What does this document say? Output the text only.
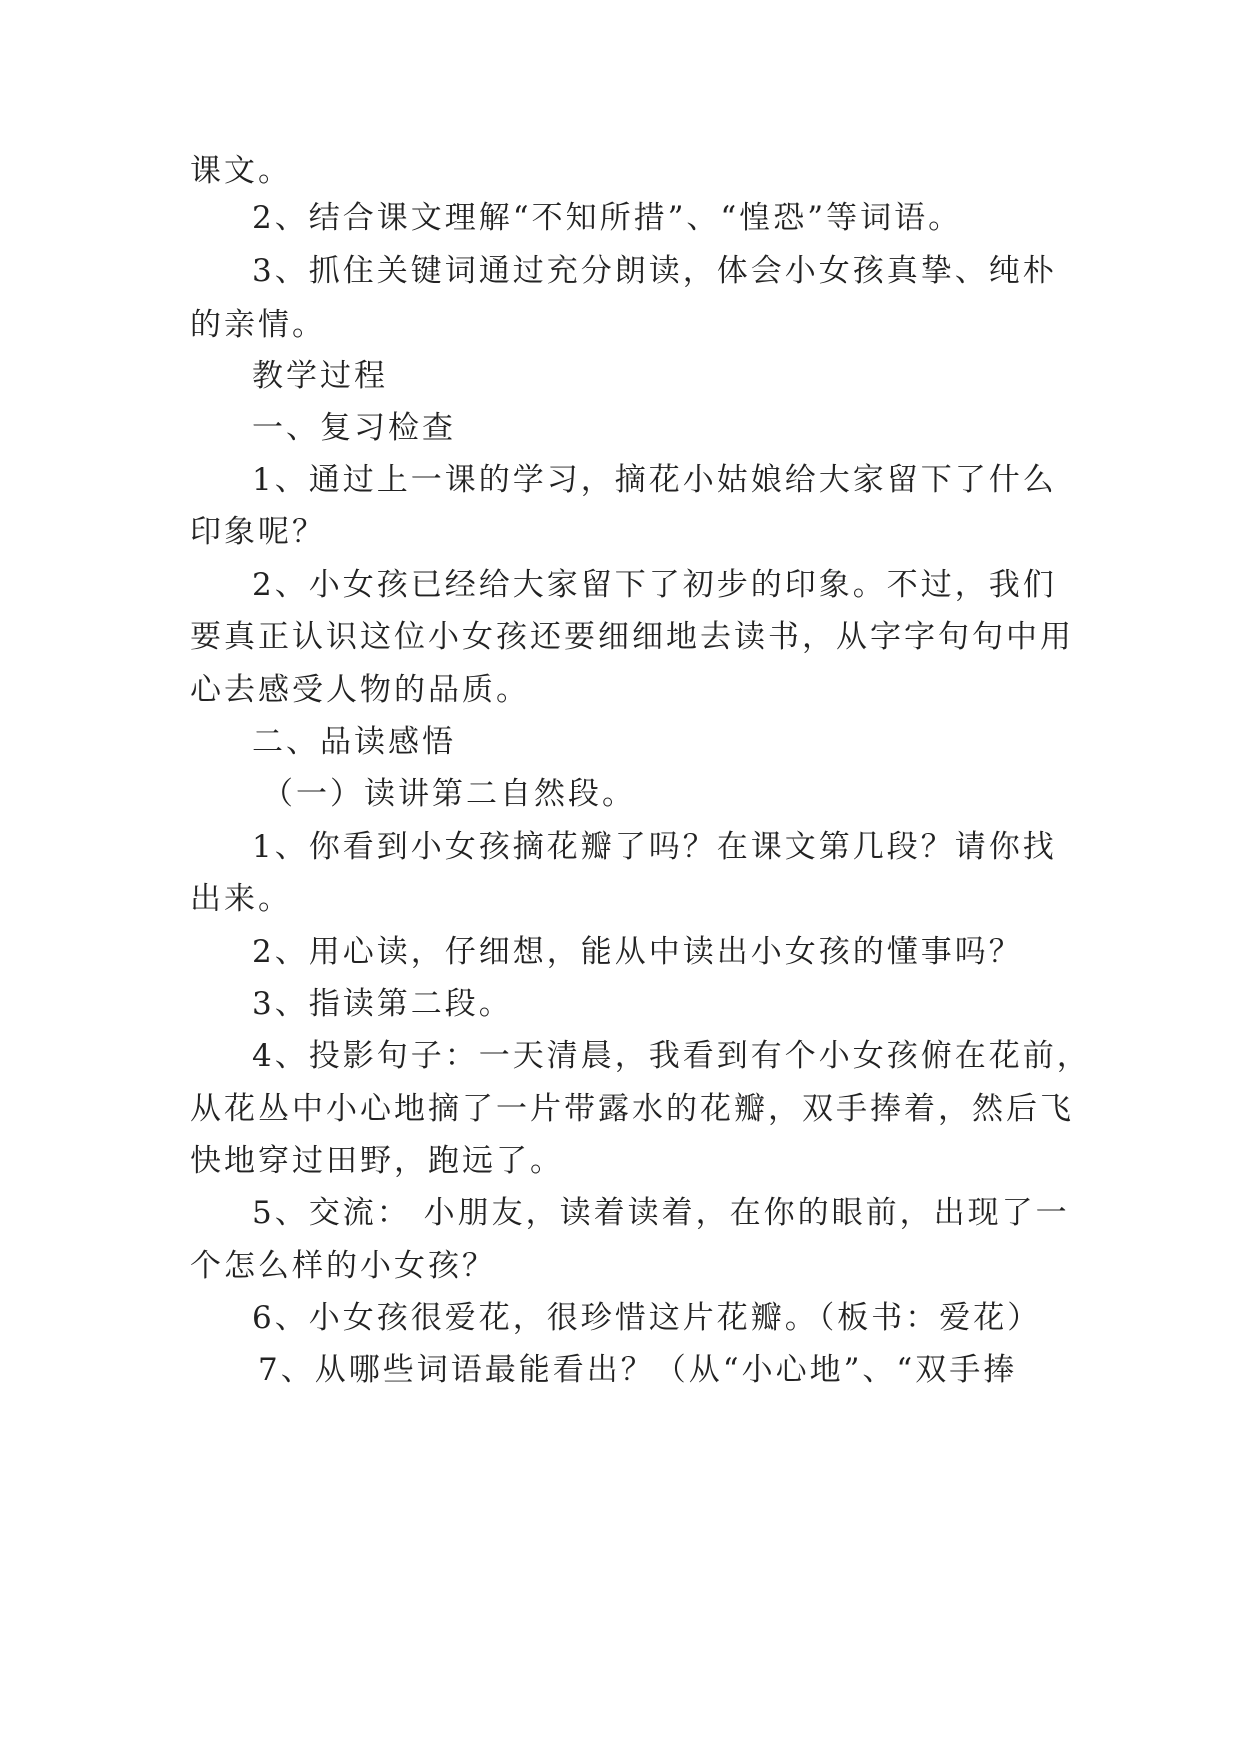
课文。
2、结合课文理解“不知所措”、“惶恐”等词语。
3、抓住关键词通过充分朗读，体会小女孩真挚、纯朴
的亲情。
教学过程
一、复习检查
1、通过上一课的学习，摘花小姑娘给大家留下了什么
印象呢？
2、小女孩已经给大家留下了初步的印象。不过，我们
要真正认识这位小女孩还要细细地去读书，从字字句句中用
心去感受人物的品质。
二、品读感悟
（一）读讲第二自然段。
1、你看到小女孩摘花瓣了吗？在课文第几段？请你找
出来。
2、用心读，仔细想，能从中读出小女孩的懂事吗？
3、指读第二段。
4、投影句子：一天清晨，我看到有个小女孩俯在花前，
从花丛中小心地摘了一片带露水的花瓣，双手捧着，然后飞
快地穿过田野，跑远了。
5、交流： 小朋友，读着读着，在你的眼前，出现了一
个怎么样的小女孩？
6、小女孩很爱花，很珍惜这片花瓣。（板书：爱花）
7、从哪些词语最能看出？（从“小心地”、“双手捧
